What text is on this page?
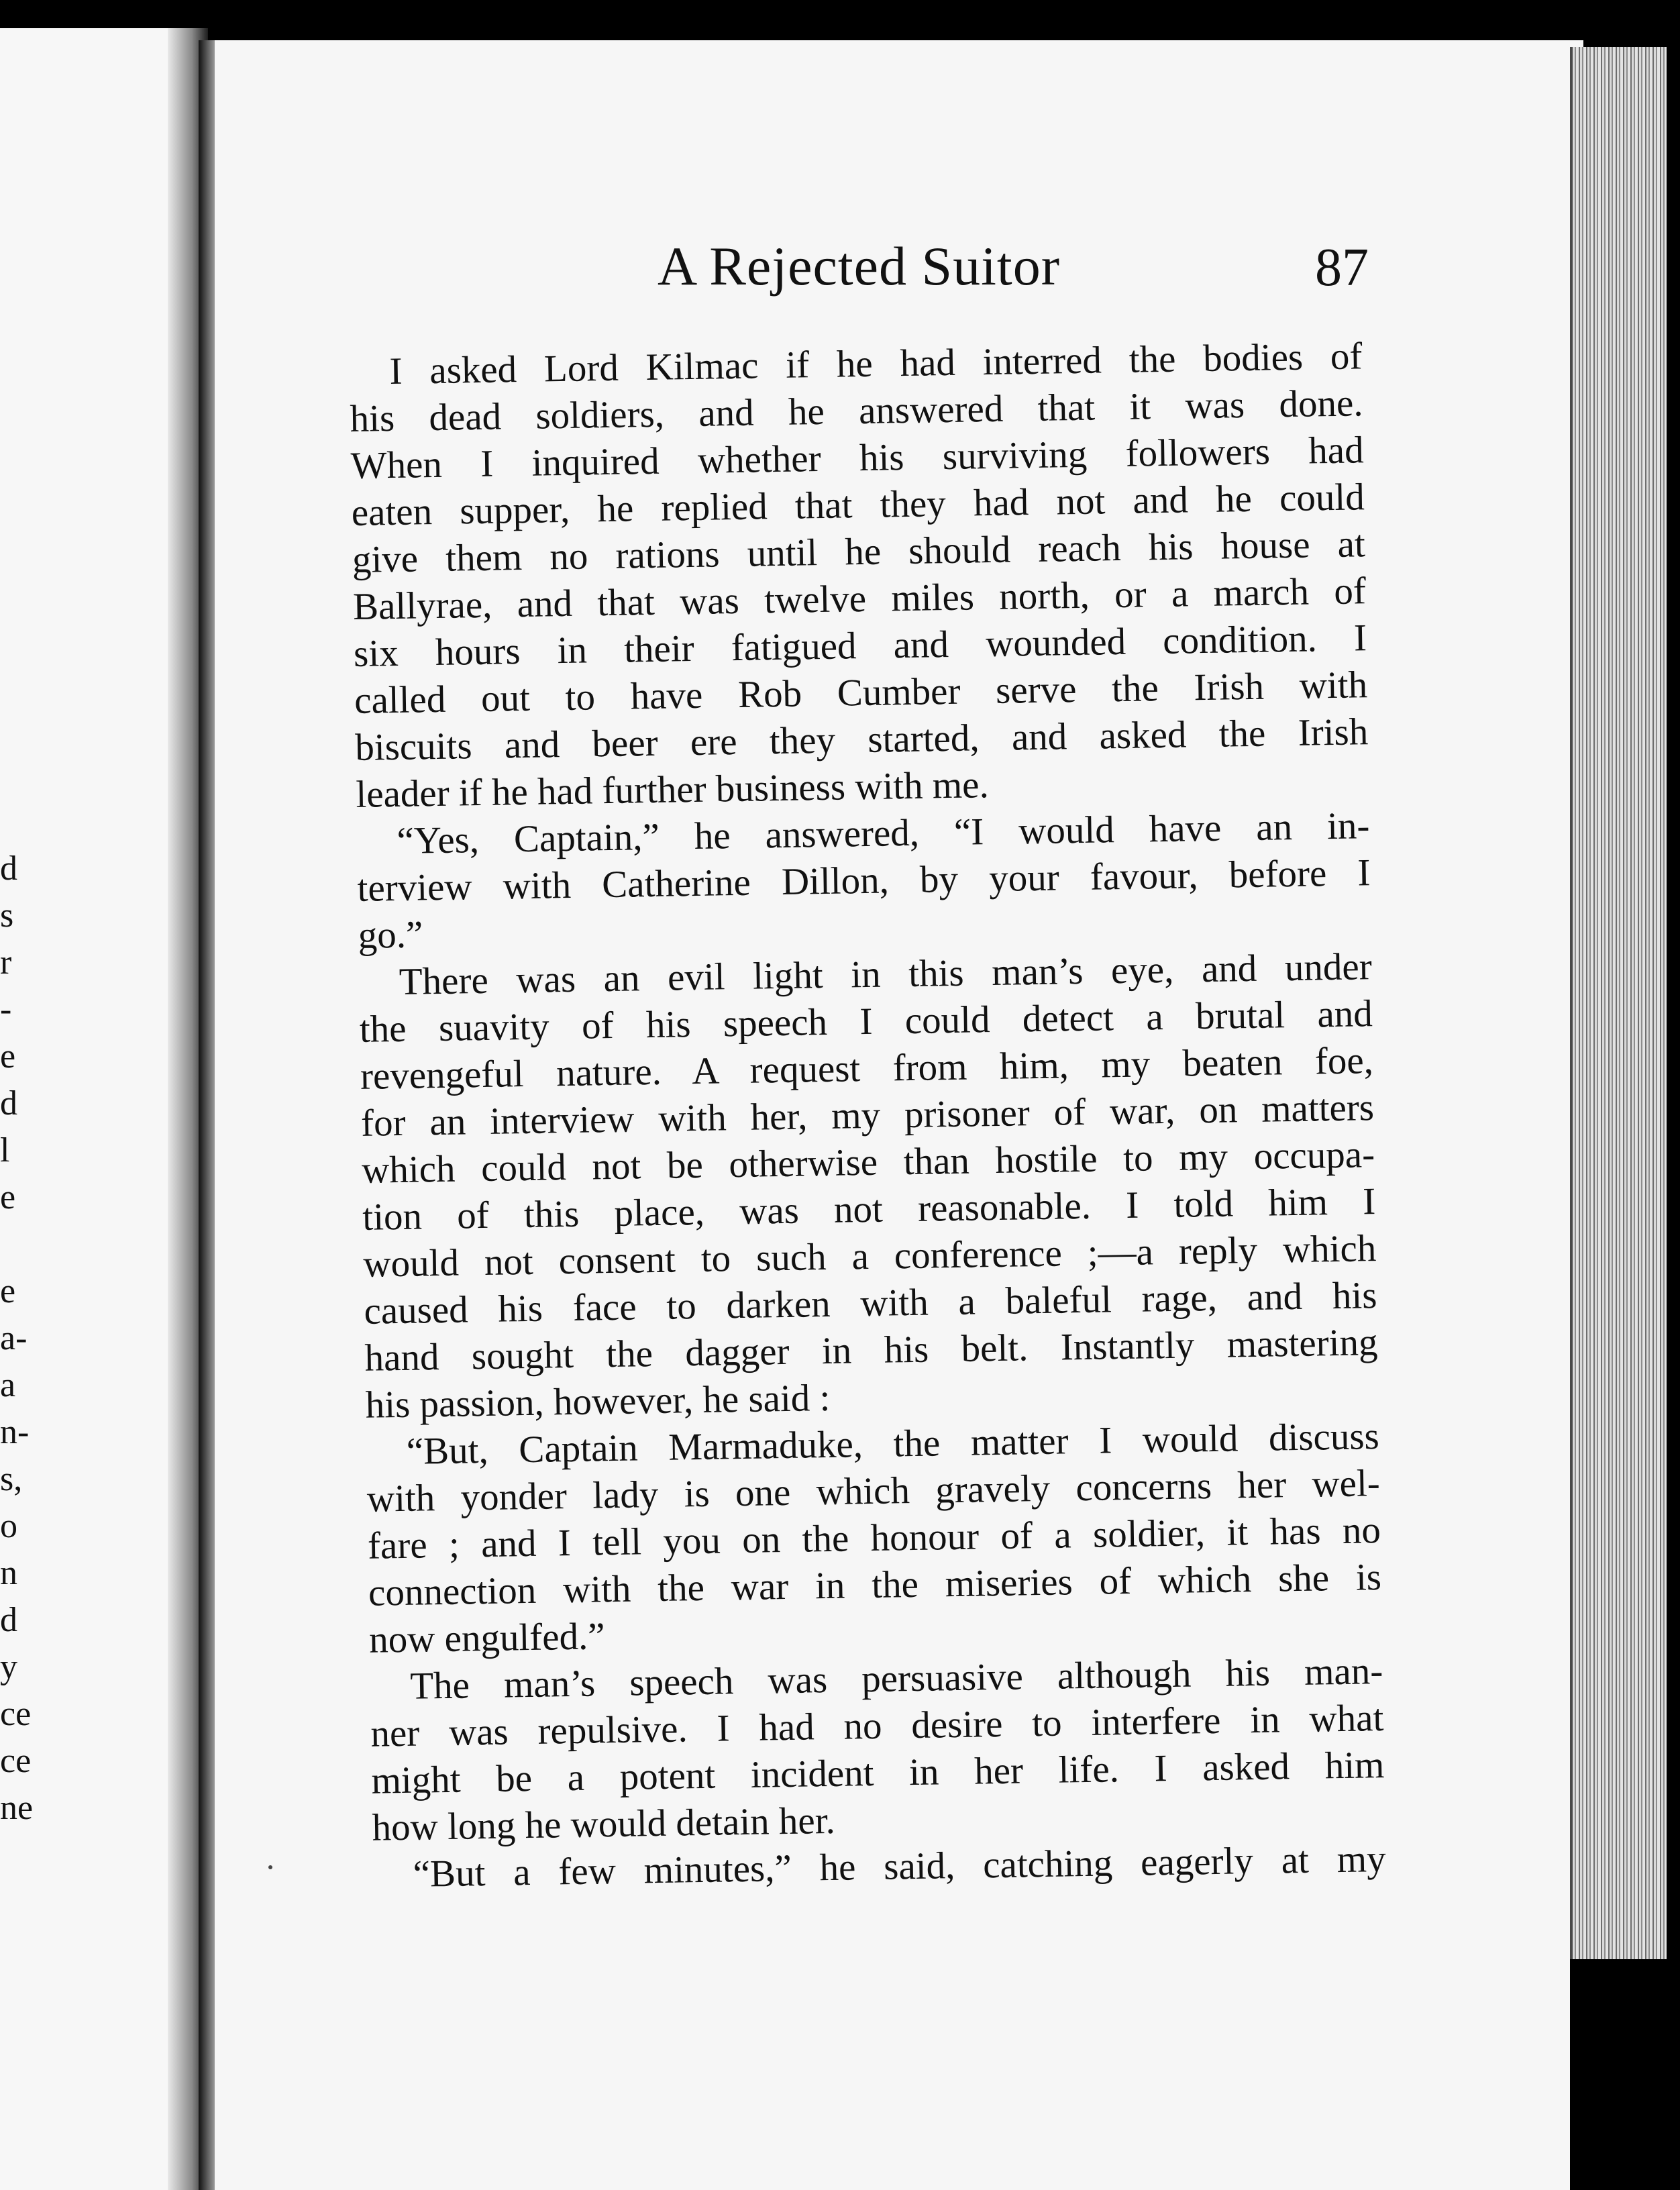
d
s
r
-
e
d
l
e
e
a-
a
n-
s,
o
n
d
y
ce
ce
ne
A Rejected Suitor	87
I asked Lord Kilmac if he had interred the bodies of
his dead soldiers, and he answered that it was done.
When I inquired whether his surviving followers had
eaten supper, he replied that they had not and he could
give them no rations until he should reach his house at
Ballyrae, and that was twelve miles north, or a march of
six hours in their fatigued and wounded condition. I
called out to have Rob Cumber serve the Irish with
biscuits and beer ere they started, and asked the Irish
leader if he had further business with me.
“Yes, Captain,” he answered, “I would have an in-
terview with Catherine Dillon, by your favour, before I
go.”
There was an evil light in this man’s eye, and under
the suavity of his speech I could detect a brutal and
revengeful nature. A request from him, my beaten foe,
for an interview with her, my prisoner of war, on matters
which could not be otherwise than hostile to my occupa-
tion of this place, was not reasonable. I told him I
would not consent to such a conference ;—a reply which
caused his face to darken with a baleful rage, and his
hand sought the dagger in his belt. Instantly mastering
his passion, however, he said :
“But, Captain Marmaduke, the matter I would discuss
with yonder lady is one which gravely concerns her wel-
fare ; and I tell you on the honour of a soldier, it has no
connection with the war in the miseries of which she is
now engulfed.”
The man’s speech was persuasive although his man-
ner was repulsive. I had no desire to interfere in what
might be a potent incident in her life. I asked him
how long he would detain her.
“But a few minutes,” he said, catching eagerly at my
